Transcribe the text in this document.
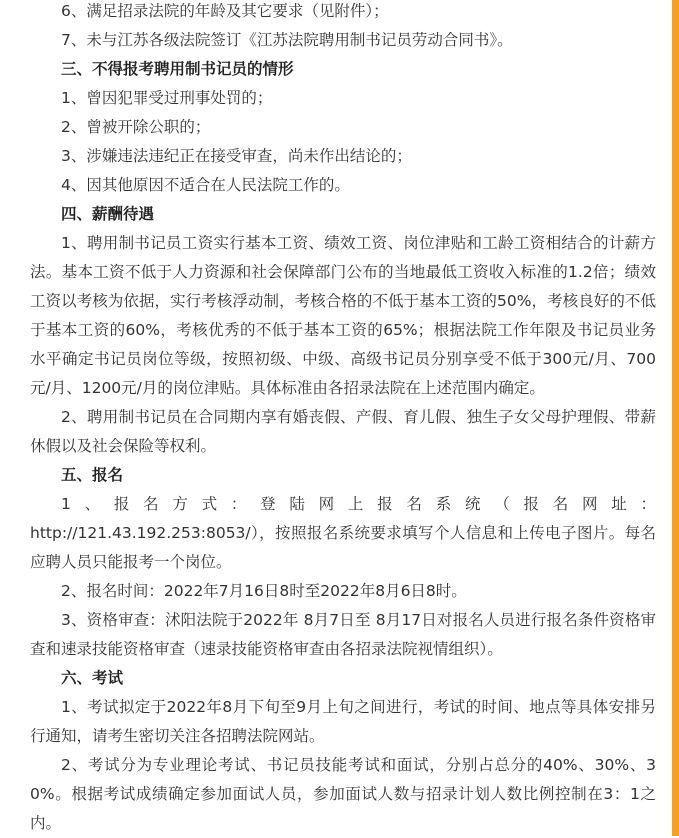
6、满足招录法院的年龄及其它要求（见附件）；

7、未与江苏各级法院签订《江苏法院聘用制书记员劳动合同书》。

三、不得报考聘用制书记员的情形

1、曾因犯罪受过刑事处罚的；

2、曾被开除公职的；

3、涉嫌违法违纪正在接受审查，尚未作出结论的；

4、因其他原因不适合在人民法院工作的。

四、薪酬待遇

1、聘用制书记员工资实行基本工资、绩效工资、岗位津贴和工龄工资相结合的计薪方法。基本工资不低于人力资源和社会保障部门公布的当地最低工资收入标准的1.2倍；绩效工资以考核为依据，实行考核浮动制，考核合格的不低于基本工资的50%，考核良好的不低于基本工资的60%，考核优秀的不低于基本工资的65%；根据法院工作年限及书记员业务水平确定书记员岗位等级，按照初级、中级、高级书记员分别享受不低于300元/月、700元/月、1200元/月的岗位津贴。具体标准由各招录法院在上述范围内确定。

2、聘用制书记员在合同期内享有婚丧假、产假、育儿假、独生子女父母护理假、带薪休假以及社会保险等权利。

五、报名

1、报名方式：登陆网上报名系统（报名网址：

http://121.43.192.253:8053/），按照报名系统要求填写个人信息和上传电子图片。每名应聘人员只能报考一个岗位。

2、报名时间：2022年7月16日8时至2022年8月6日8时。

3、资格审查：沭阳法院于2022年 8月7日至 8月17日对报名人员进行报名条件资格审查和速录技能资格审查（速录技能资格审查由各招录法院视情组织）。

六、考试

1、考试拟定于2022年8月下旬至9月上旬之间进行，考试的时间、地点等具体安排另行通知，请考生密切关注各招聘法院网站。

2、考试分为专业理论考试、书记员技能考试和面试，分别占总分的40%、30%、30%。根据考试成绩确定参加面试人员，参加面试人数与招录计划人数比例控制在3：1之内。
